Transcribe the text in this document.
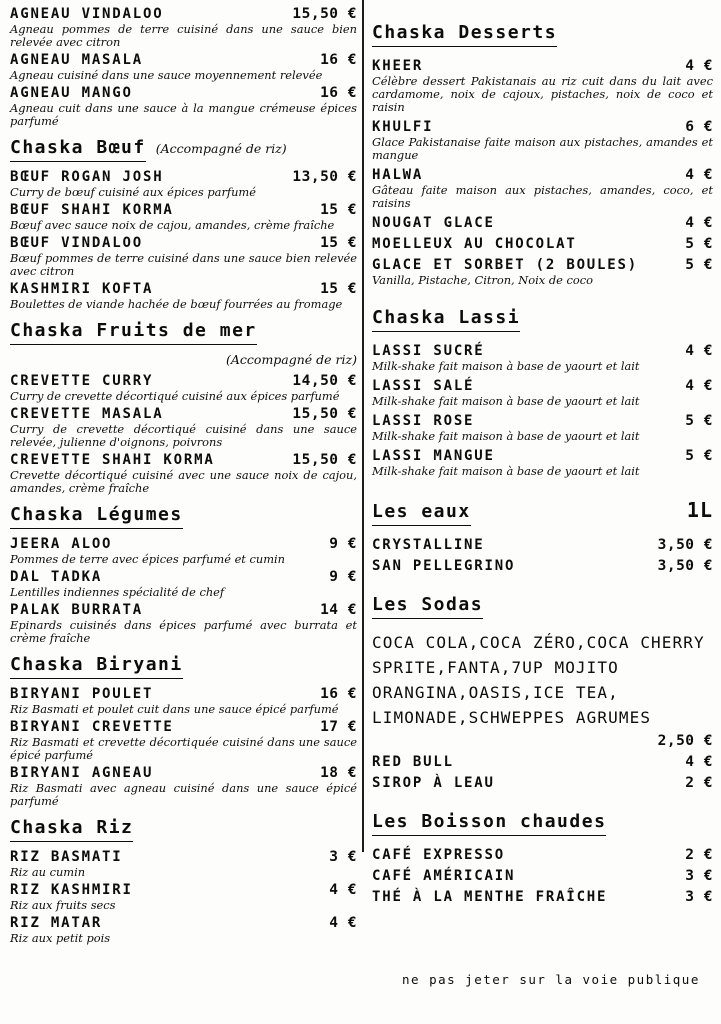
AGNEAU VINDALOO	15,50 €
Agneau pommes de terre cuisiné dans une sauce bien relevée avec citron
AGNEAU MASALA	16 €
Agneau cuisiné dans une sauce moyennement relevée
AGNEAU MANGO	16 €
Agneau cuit dans une sauce à la mangue crémeuse épices parfumé
Chaska Bœuf (Accompagné de riz)
BŒUF ROGAN JOSH	13,50 €
Curry de bœuf cuisiné aux épices parfumé
BŒUF SHAHI KORMA	15 €
Bœuf avec sauce noix de cajou, amandes, crème fraîche
BŒUF VINDALOO	15 €
Bœuf pommes de terre cuisiné dans une sauce bien relevée avec citron
KASHMIRI KOFTA	15 €
Boulettes de viande hachée de bœuf fourrées au fromage
Chaska Fruits de mer
(Accompagné de riz)
CREVETTE CURRY	14,50 €
Curry de crevette décortiqué cuisiné aux épices parfumé
CREVETTE MASALA	15,50 €
Curry de crevette décortiqué cuisiné dans une sauce relevée, julienne d'oignons, poivrons
CREVETTE SHAHI KORMA	15,50 €
Crevette décortiqué cuisiné avec une sauce noix de cajou, amandes, crème fraîche
Chaska Légumes
JEERA ALOO	9 €
Pommes de terre avec épices parfumé et cumin
DAL TADKA	9 €
Lentilles indiennes spécialité de chef
PALAK BURRATA	14 €
Epinards cuisinés dans épices parfumé avec burrata et crème fraîche
Chaska Biryani
BIRYANI POULET	16 €
Riz Basmati et poulet cuit dans une sauce épicé parfumé
BIRYANI CREVETTE	17 €
Riz Basmati et crevette décortiquée cuisiné dans une sauce épicé parfumé
BIRYANI AGNEAU	18 €
Riz Basmati avec agneau cuisiné dans une sauce épicé parfumé
Chaska Riz
RIZ BASMATI	3 €
Riz au cumin
RIZ KASHMIRI	4 €
Riz aux fruits secs
RIZ MATAR	4 €
Riz aux petit pois
Chaska Desserts
KHEER	4 €
Célèbre dessert Pakistanais au riz cuit dans du lait avec cardamome, noix de cajoux, pistaches, noix de coco et raisin
KHULFI	6 €
Glace Pakistanaise faite maison aux pistaches, amandes et mangue
HALWA	4 €
Gâteau faite maison aux pistaches, amandes, coco, et raisins
NOUGAT GLACE	4 €
MOELLEUX AU CHOCOLAT	5 €
GLACE ET SORBET (2 BOULES)	5 €
Vanilla, Pistache, Citron, Noix de coco
Chaska Lassi
LASSI SUCRÉ	4 €
Milk-shake fait maison à base de yaourt et lait
LASSI SALÉ	4 €
Milk-shake fait maison à base de yaourt et lait
LASSI ROSE	5 €
Milk-shake fait maison à base de yaourt et lait
LASSI MANGUE	5 €
Milk-shake fait maison à base de yaourt et lait
Les eaux	1L
CRYSTALLINE	3,50 €
SAN PELLEGRINO	3,50 €
Les Sodas
COCA COLA,COCA ZÉRO,COCA CHERRY
SPRITE,FANTA,7UP MOJITO
ORANGINA,OASIS,ICE TEA,
LIMONADE,SCHWEPPES AGRUMES
2,50 €
RED BULL	4 €
SIROP À LEAU	2 €
Les Boisson chaudes
CAFÉ EXPRESSO	2 €
CAFÉ AMÉRICAIN	3 €
THÉ À LA MENTHE FRAÎCHE	3 €
ne pas jeter sur la voie publique
